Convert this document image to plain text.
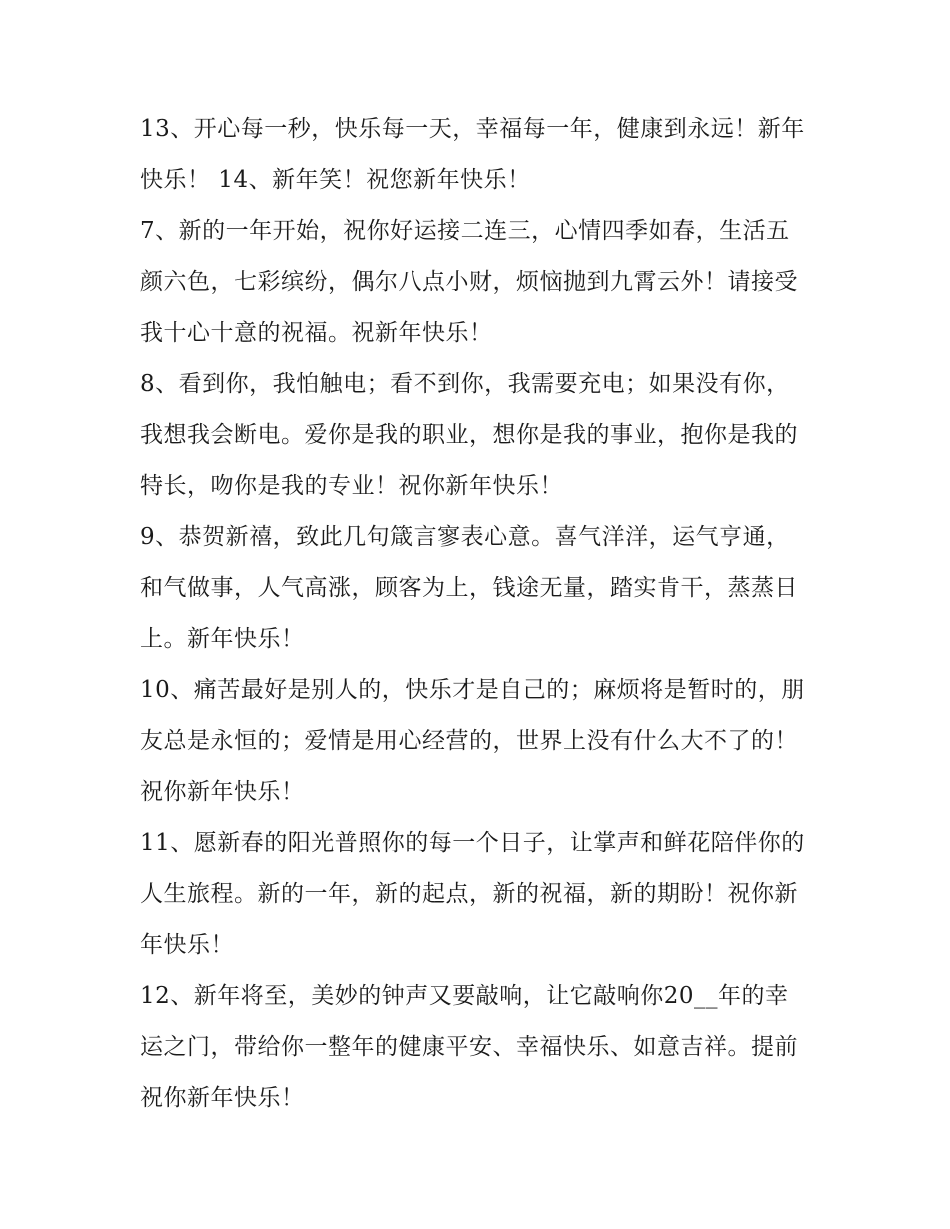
13、开心每一秒，快乐每一天，幸福每一年，健康到永远！新年快乐！ 14、新年笑！祝您新年快乐！

7、新的一年开始，祝你好运接二连三，心情四季如春，生活五颜六色，七彩缤纷，偶尔八点小财，烦恼抛到九霄云外！请接受我十心十意的祝福。祝新年快乐！

8、看到你，我怕触电；看不到你，我需要充电；如果没有你，我想我会断电。爱你是我的职业，想你是我的事业，抱你是我的特长，吻你是我的专业！祝你新年快乐！

9、恭贺新禧，致此几句箴言寥表心意。喜气洋洋，运气亨通，和气做事，人气高涨，顾客为上，钱途无量，踏实肯干，蒸蒸日上。新年快乐！

10、痛苦最好是别人的，快乐才是自己的；麻烦将是暂时的，朋友总是永恒的；爱情是用心经营的，世界上没有什么大不了的！祝你新年快乐！

11、愿新春的阳光普照你的每一个日子，让掌声和鲜花陪伴你的人生旅程。新的一年，新的起点，新的祝福，新的期盼！祝你新年快乐！

12、新年将至，美妙的钟声又要敲响，让它敲响你20__年的幸运之门，带给你一整年的健康平安、幸福快乐、如意吉祥。提前祝你新年快乐！
